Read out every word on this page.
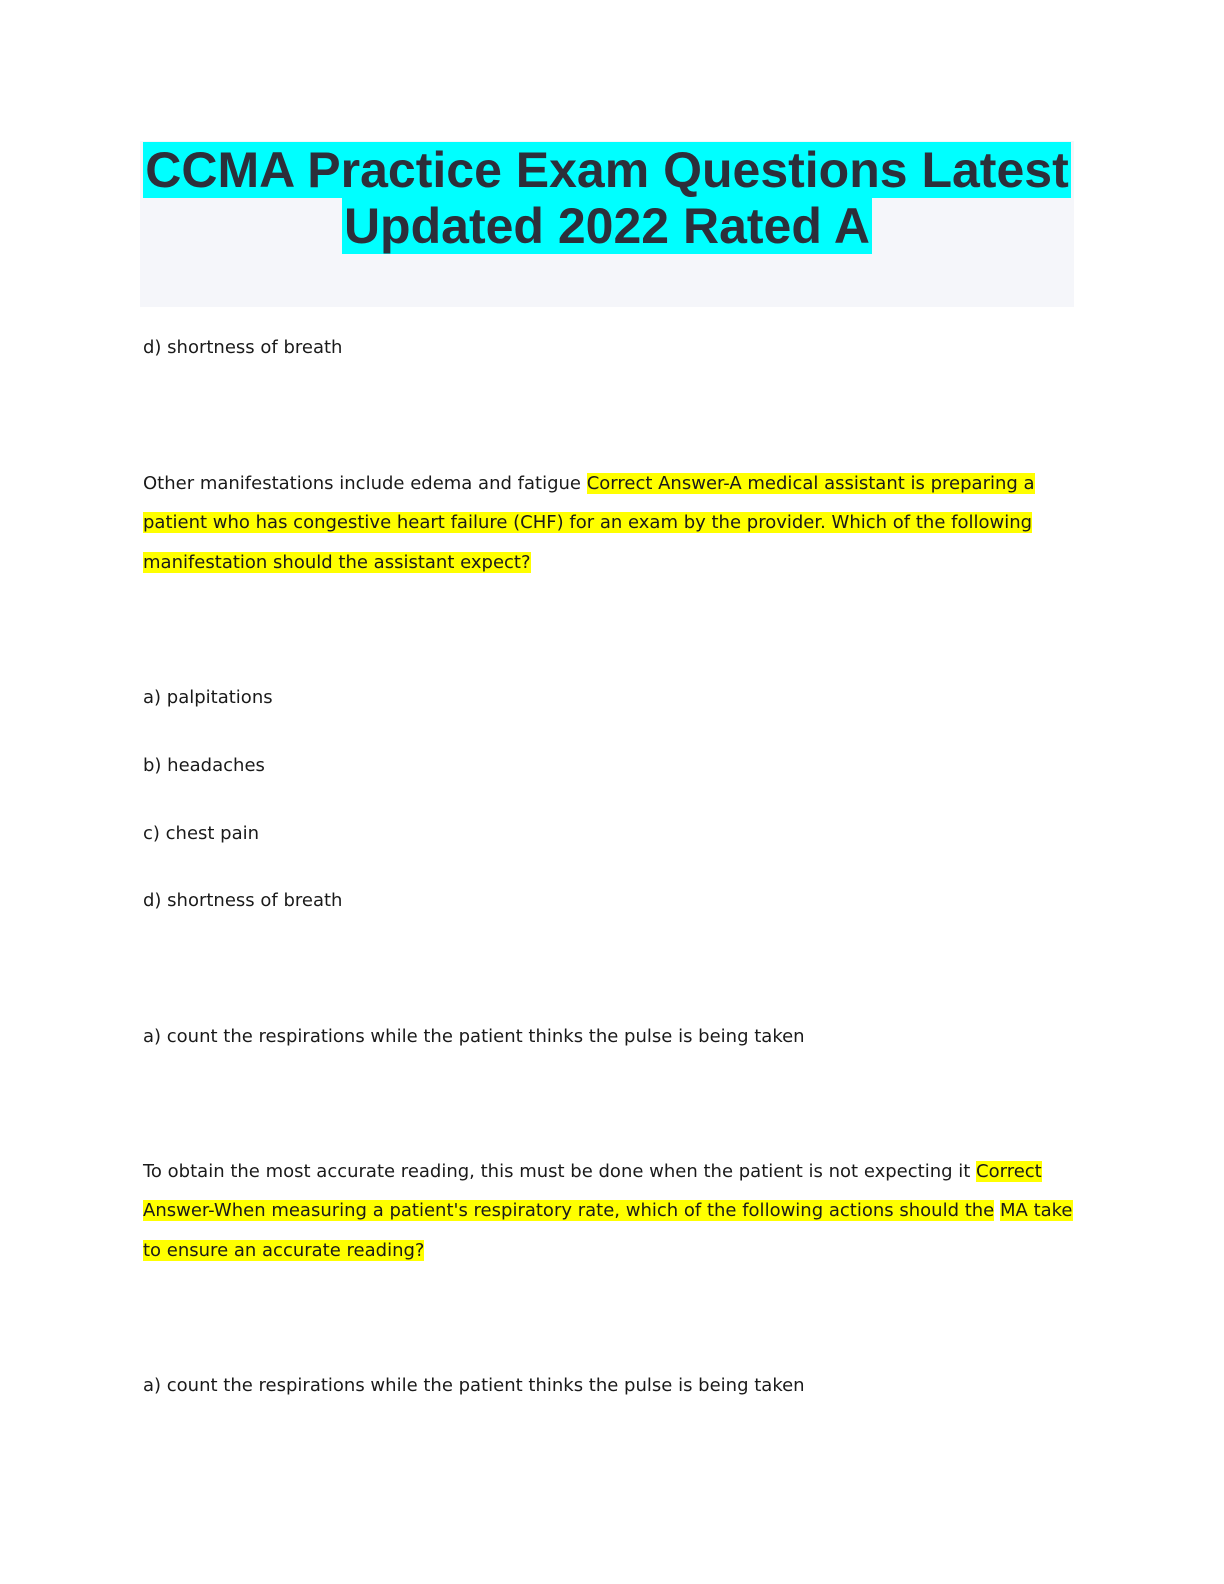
CCMA Practice Exam Questions Latest
Updated 2022 Rated A
d) shortness of breath
Other manifestations include edema and fatigue Correct Answer-A medical assistant is preparing a
patient who has congestive heart failure (CHF) for an exam by the provider. Which of the following
manifestation should the assistant expect?
a) palpitations
b) headaches
c) chest pain
d) shortness of breath
a) count the respirations while the patient thinks the pulse is being taken
To obtain the most accurate reading, this must be done when the patient is not expecting it Correct
Answer-When measuring a patient's respiratory rate, which of the following actions should the MA take
to ensure an accurate reading?
a) count the respirations while the patient thinks the pulse is being taken
